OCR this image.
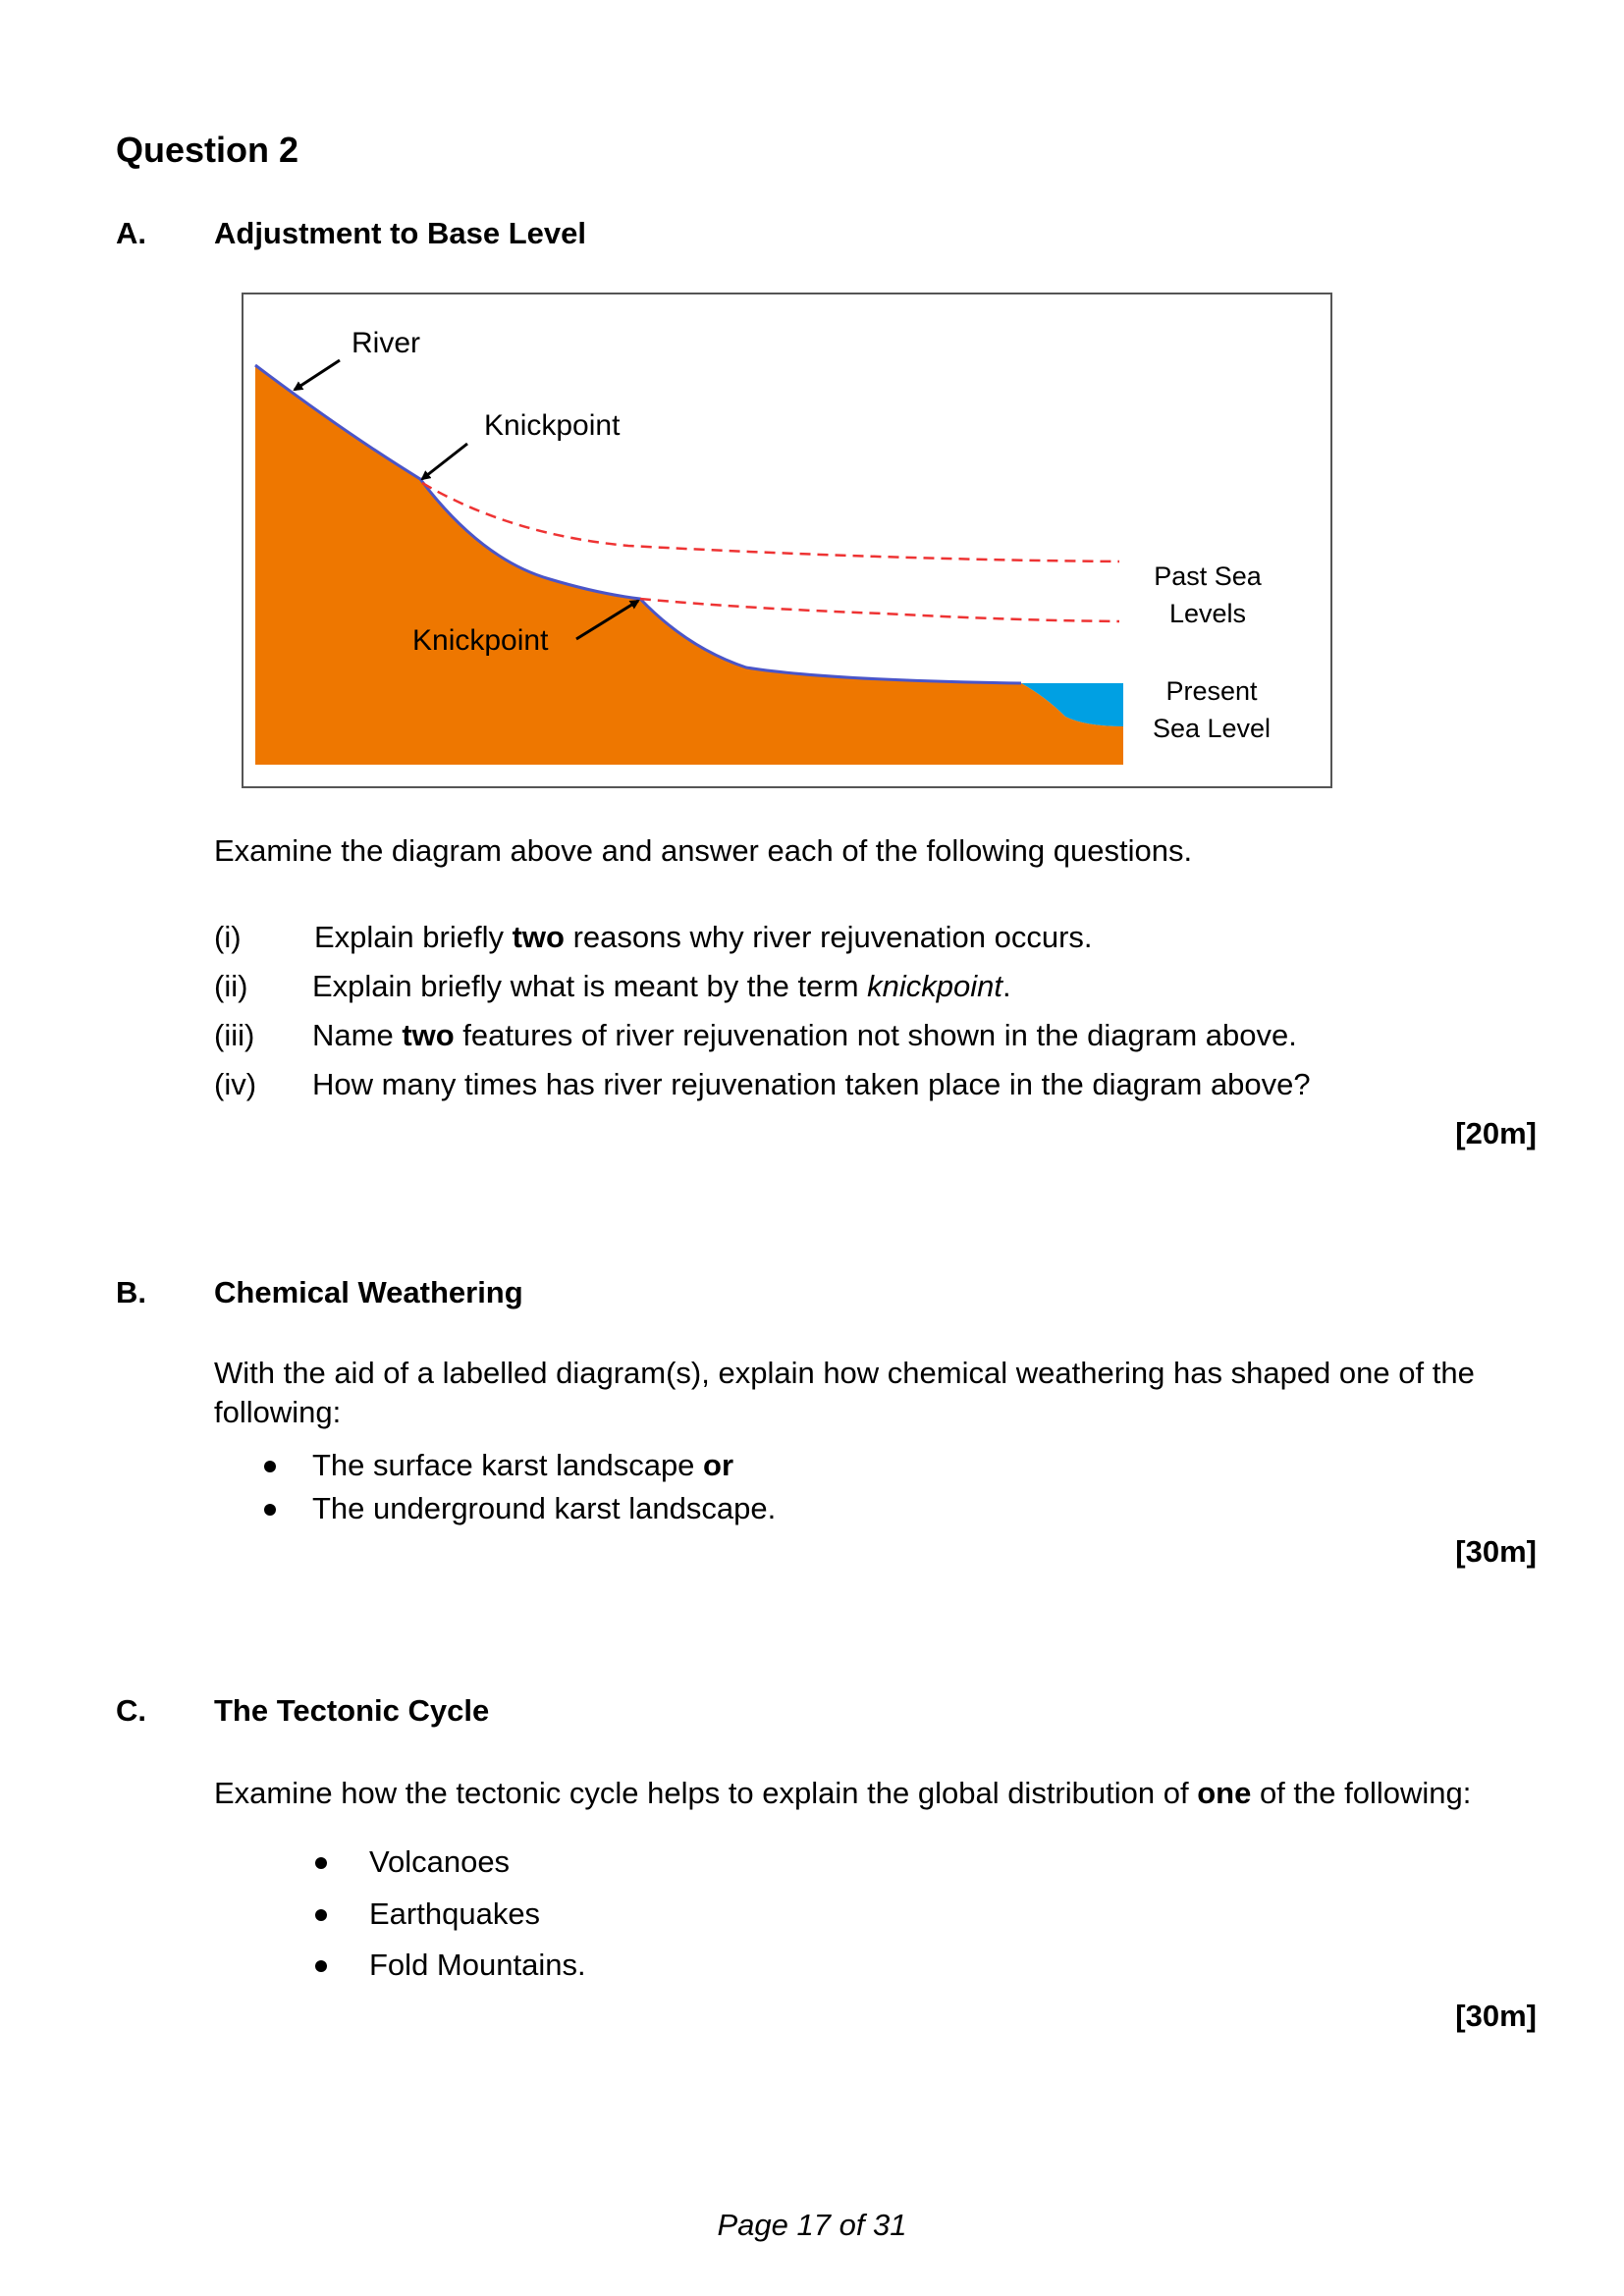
Question 2
A. Adjustment to Base Level
River
Knickpoint
Knickpoint
Past Sea
Levels
Present
Sea Level
Examine the diagram above and answer each of the following questions.
(i) Explain briefly two reasons why river rejuvenation occurs.
(ii) Explain briefly what is meant by the term knickpoint.
(iii) Name two features of river rejuvenation not shown in the diagram above.
(iv) How many times has river rejuvenation taken place in the diagram above?
[20m]
B. Chemical Weathering
With the aid of a labelled diagram(s), explain how chemical weathering has shaped one of the
following:
The surface karst landscape or
The underground karst landscape.
[30m]
C. The Tectonic Cycle
Examine how the tectonic cycle helps to explain the global distribution of one of the following:
Volcanoes
Earthquakes
Fold Mountains.
[30m]
Page 17 of 31
